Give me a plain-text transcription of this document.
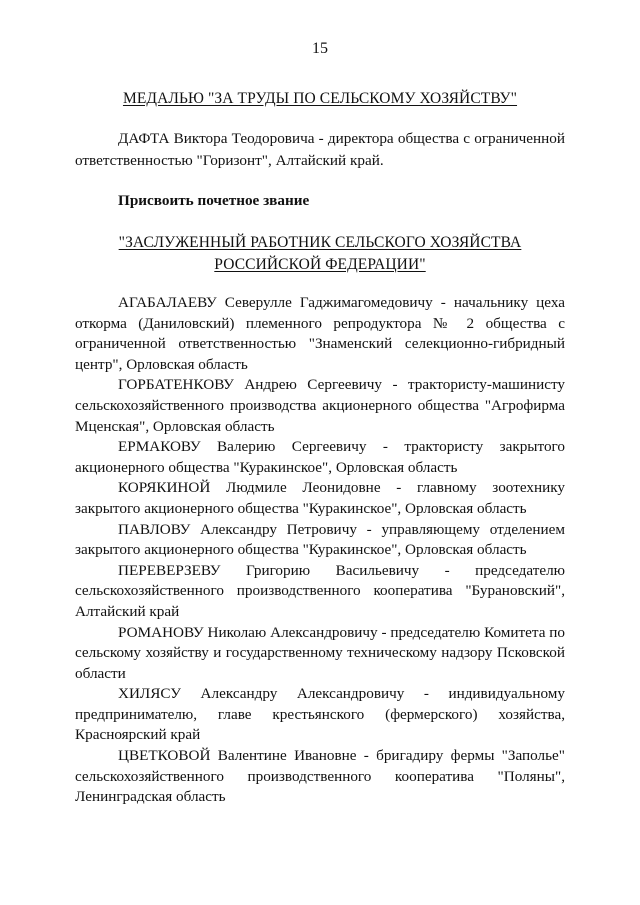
15
МЕДАЛЬЮ "ЗА ТРУДЫ ПО СЕЛЬСКОМУ ХОЗЯЙСТВУ"
ДАФТА Виктора Теодоровича - директора общества с ограниченной ответственностью "Горизонт", Алтайский край.
Присвоить почетное звание
"ЗАСЛУЖЕННЫЙ РАБОТНИК СЕЛЬСКОГО ХОЗЯЙСТВА
РОССИЙСКОЙ ФЕДЕРАЦИИ"
АГАБАЛАЕВУ Северулле Гаджимагомедовичу - начальнику цеха откорма (Даниловский) племенного репродуктора № 2 общества с ограниченной ответственностью "Знаменский селекционно-гибридный центр", Орловская область
ГОРБАТЕНКОВУ Андрею Сергеевичу - трактористу-машинисту сельскохозяйственного производства акционерного общества "Агрофирма Мценская", Орловская область
ЕРМАКОВУ Валерию Сергеевичу - трактористу закрытого акционерного общества "Куракинское", Орловская область
КОРЯКИНОЙ Людмиле Леонидовне - главному зоотехнику закрытого акционерного общества "Куракинское", Орловская область
ПАВЛОВУ Александру Петровичу - управляющему отделением закрытого акционерного общества "Куракинское", Орловская область
ПЕРЕВЕРЗЕВУ Григорию Васильевичу - председателю сельскохозяйственного производственного кооператива "Бурановский", Алтайский край
РОМАНОВУ Николаю Александровичу - председателю Комитета по сельскому хозяйству и государственному техническому надзору Псковской области
ХИЛЯСУ Александру Александровичу - индивидуальному предпринимателю, главе крестьянского (фермерского) хозяйства, Красноярский край
ЦВЕТКОВОЙ Валентине Ивановне - бригадиру фермы "Заполье" сельскохозяйственного производственного кооператива "Поляны", Ленинградская область
